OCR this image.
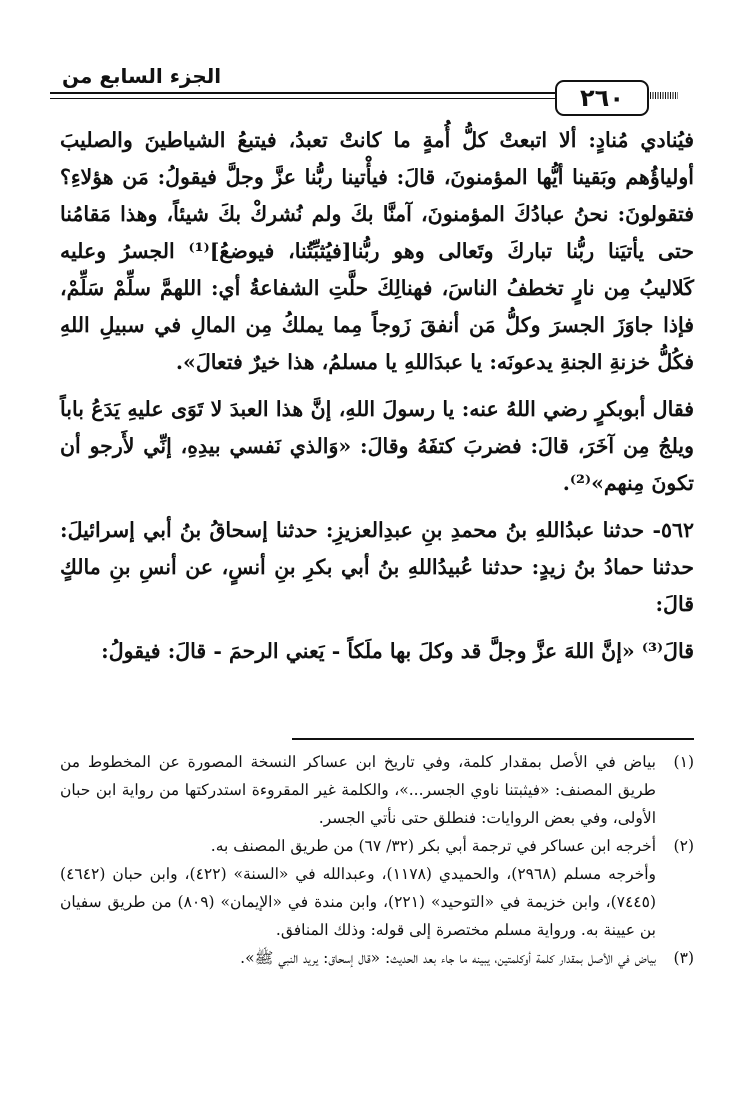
الجزء السابع من
٢٦٠

فيُنادي مُنادٍ: ألا اتبعتْ كلُّ أُمةٍ ما كانتْ تعبدُ، فيتبعُ الشياطينَ والصليبَ أولياؤُهم وبَقينا أيُّها المؤمنونَ، قالَ: فيأْتينا ربُّنا عزَّ وجلَّ فيقولُ: مَن هؤلاءِ؟ فتقولونَ: نحنُ عبادُكَ المؤمنونَ، آمنَّا بكَ ولم نُشركْ بكَ شيئاً، وهذا مَقامُنا حتى يأتيَنا ربُّنا تباركَ وتَعالى وهو ربُّنا[فيُثبِّتُنا، فيوضعُ]⁽¹⁾ الجسرُ وعليه كَلاليبُ مِن نارٍ تخطفُ الناسَ، فهنالِكَ حلَّتِ الشفاعةُ أي: اللهمَّ سلِّمْ سَلِّمْ، فإذا جاوَزَ الجسرَ وكلُّ مَن أنفقَ زَوجاً مِما يملكُ مِن المالِ في سبيلِ اللهِ فكُلُّ خزنةِ الجنةِ يدعونَه: يا عبدَاللهِ يا مسلمُ، هذا خيرٌ فتعالَ».

فقال أبوبكرٍ رضي اللهُ عنه: يا رسولَ اللهِ، إنَّ هذا العبدَ لا تَوَى عليهِ يَدَعُ باباً ويلجُ مِن آخَرَ، قالَ: فضربَ كتفَهُ وقالَ: «وَالذي نَفسي بيدِهِ، إنِّي لأَرجو أن تكونَ مِنهم»⁽²⁾.

٥٦٢- حدثنا عبدُاللهِ بنُ محمدِ بنِ عبدِالعزيزِ: حدثنا إسحاقُ بنُ أبي إسرائيلَ: حدثنا حمادُ بنُ زيدٍ: حدثنا عُبيدُاللهِ بنُ أبي بكرِ بنِ أنسٍ، عن أنسِ بنِ مالكٍ قالَ:

قالَ⁽³⁾ «إنَّ اللهَ عزَّ وجلَّ قد وكلَ بها ملَكاً - يَعني الرحمَ - قالَ: فيقولُ:

(١)
بياض في الأصل بمقدار كلمة، وفي تاريخ ابن عساكر النسخة المصورة عن المخطوط من طريق المصنف: «فيثبتنا ناوي الجسر...»، والكلمة غير المقروءة استدركتها من رواية ابن حبان الأولى، وفي بعض الروايات: فنطلق حتى نأتي الجسر.
(٢)
أخرجه ابن عساكر في ترجمة أبي بكر (٣٢/ ٦٧) من طريق المصنف به.
وأخرجه مسلم (٢٩٦٨)، والحميدي (١١٧٨)، وعبدالله في «السنة» (٤٢٢)، وابن حبان (٤٦٤٢) (٧٤٤٥)، وابن خزيمة في «التوحيد» (٢٢١)، وابن مندة في «الإيمان» (٨٠٩) من طريق سفيان بن عيينة به. ورواية مسلم مختصرة إلى قوله: وذلك المنافق.
(٣)
بياض في الأصل بمقدار كلمة أوكلمتين، يبينه ما جاء بعد الحديث: «قال إسحاق: يريد النبي ﷺ».
